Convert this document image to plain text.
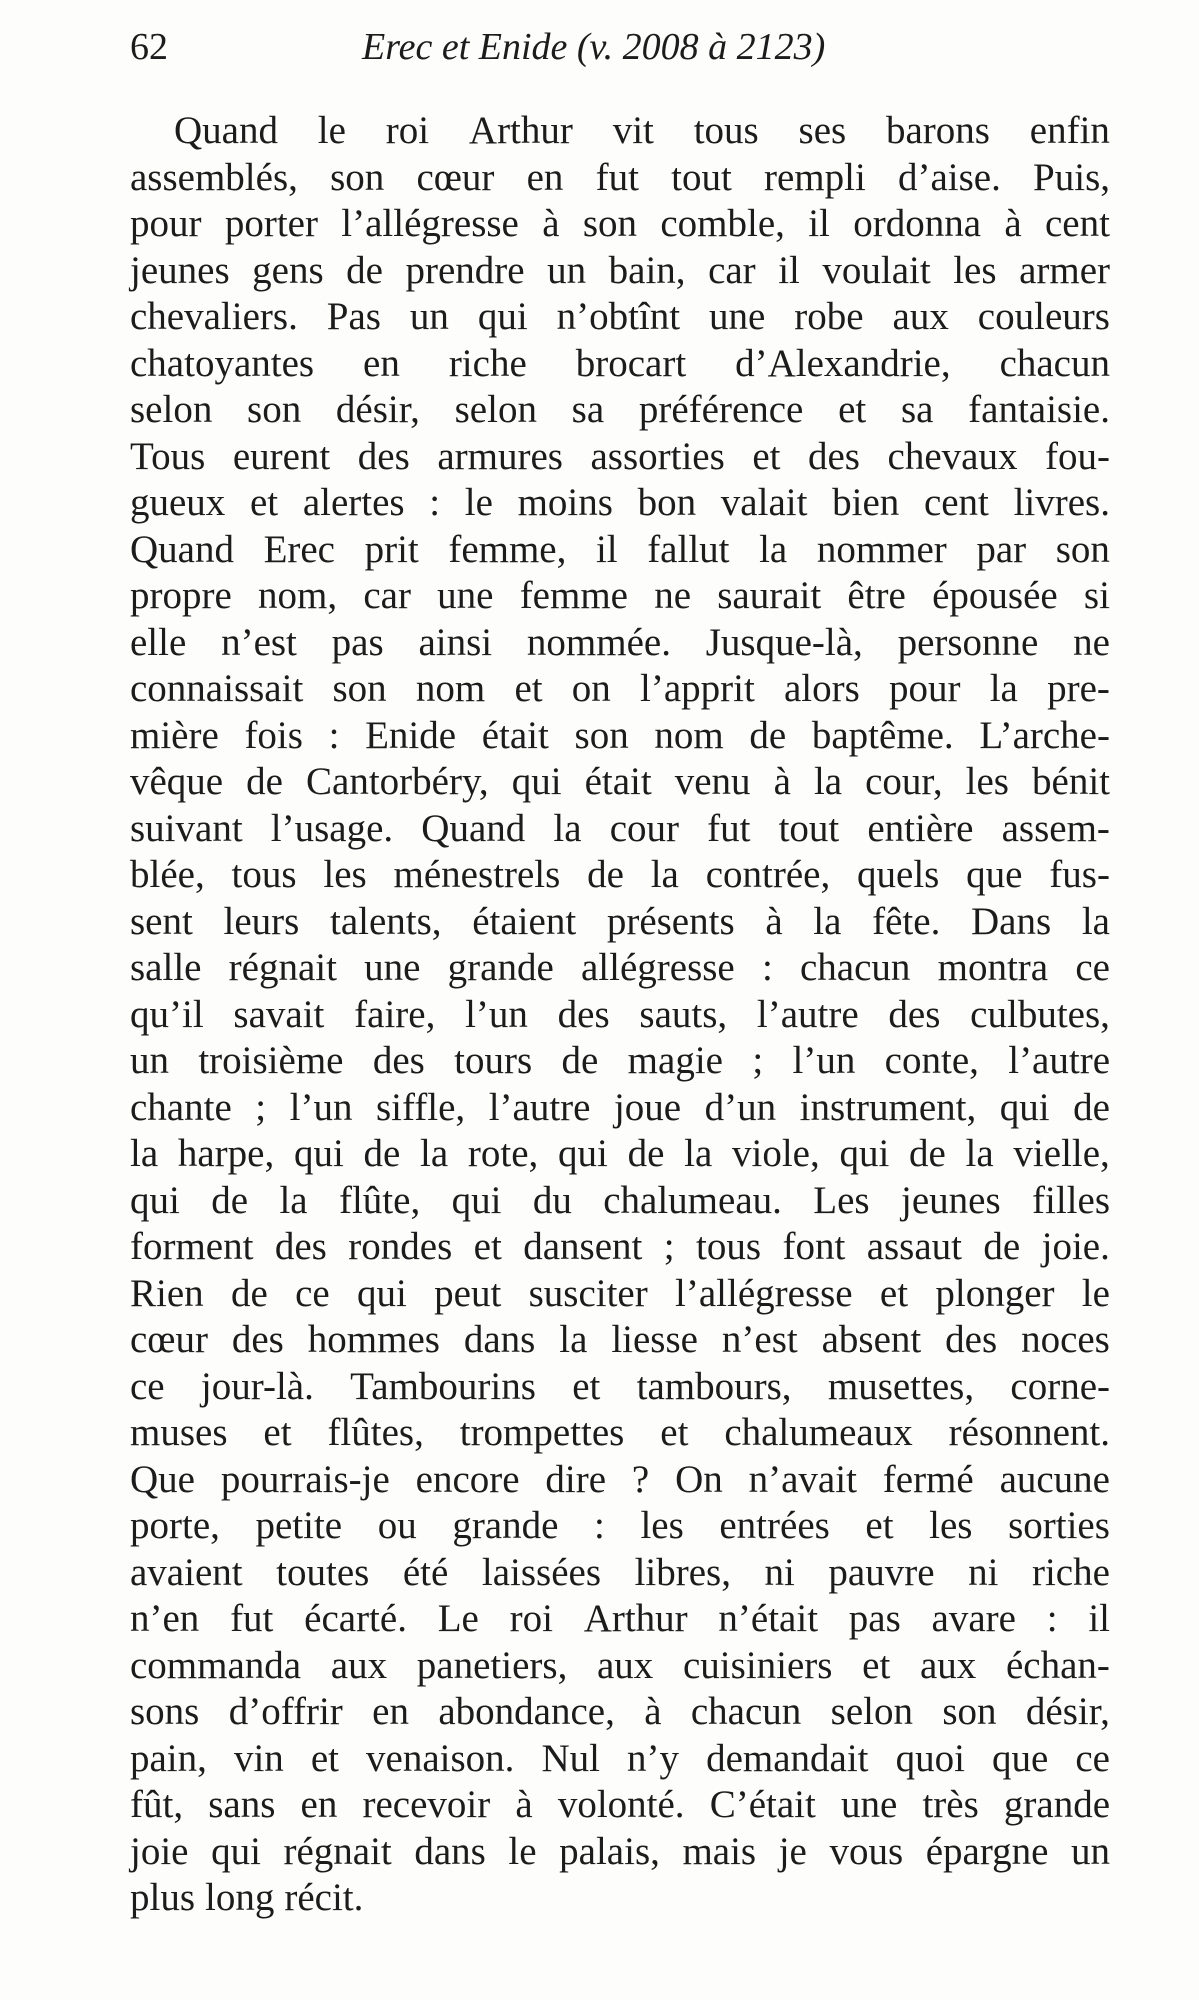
62	Erec et Enide (v. 2008 à 2123)
Quand le roi Arthur vit tous ses barons enfin
assemblés, son cœur en fut tout rempli d’aise. Puis,
pour porter l’allégresse à son comble, il ordonna à cent
jeunes gens de prendre un bain, car il voulait les armer
chevaliers. Pas un qui n’obtînt une robe aux couleurs
chatoyantes en riche brocart d’Alexandrie, chacun
selon son désir, selon sa préférence et sa fantaisie.
Tous eurent des armures assorties et des chevaux fou-
gueux et alertes : le moins bon valait bien cent livres.
Quand Erec prit femme, il fallut la nommer par son
propre nom, car une femme ne saurait être épousée si
elle n’est pas ainsi nommée. Jusque-là, personne ne
connaissait son nom et on l’apprit alors pour la pre-
mière fois : Enide était son nom de baptême. L’arche-
vêque de Cantorbéry, qui était venu à la cour, les bénit
suivant l’usage. Quand la cour fut tout entière assem-
blée, tous les ménestrels de la contrée, quels que fus-
sent leurs talents, étaient présents à la fête. Dans la
salle régnait une grande allégresse : chacun montra ce
qu’il savait faire, l’un des sauts, l’autre des culbutes,
un troisième des tours de magie ; l’un conte, l’autre
chante ; l’un siffle, l’autre joue d’un instrument, qui de
la harpe, qui de la rote, qui de la viole, qui de la vielle,
qui de la flûte, qui du chalumeau. Les jeunes filles
forment des rondes et dansent ; tous font assaut de joie.
Rien de ce qui peut susciter l’allégresse et plonger le
cœur des hommes dans la liesse n’est absent des noces
ce jour-là. Tambourins et tambours, musettes, corne-
muses et flûtes, trompettes et chalumeaux résonnent.
Que pourrais-je encore dire ? On n’avait fermé aucune
porte, petite ou grande : les entrées et les sorties
avaient toutes été laissées libres, ni pauvre ni riche
n’en fut écarté. Le roi Arthur n’était pas avare : il
commanda aux panetiers, aux cuisiniers et aux échan-
sons d’offrir en abondance, à chacun selon son désir,
pain, vin et venaison. Nul n’y demandait quoi que ce
fût, sans en recevoir à volonté. C’était une très grande
joie qui régnait dans le palais, mais je vous épargne un
plus long récit.
